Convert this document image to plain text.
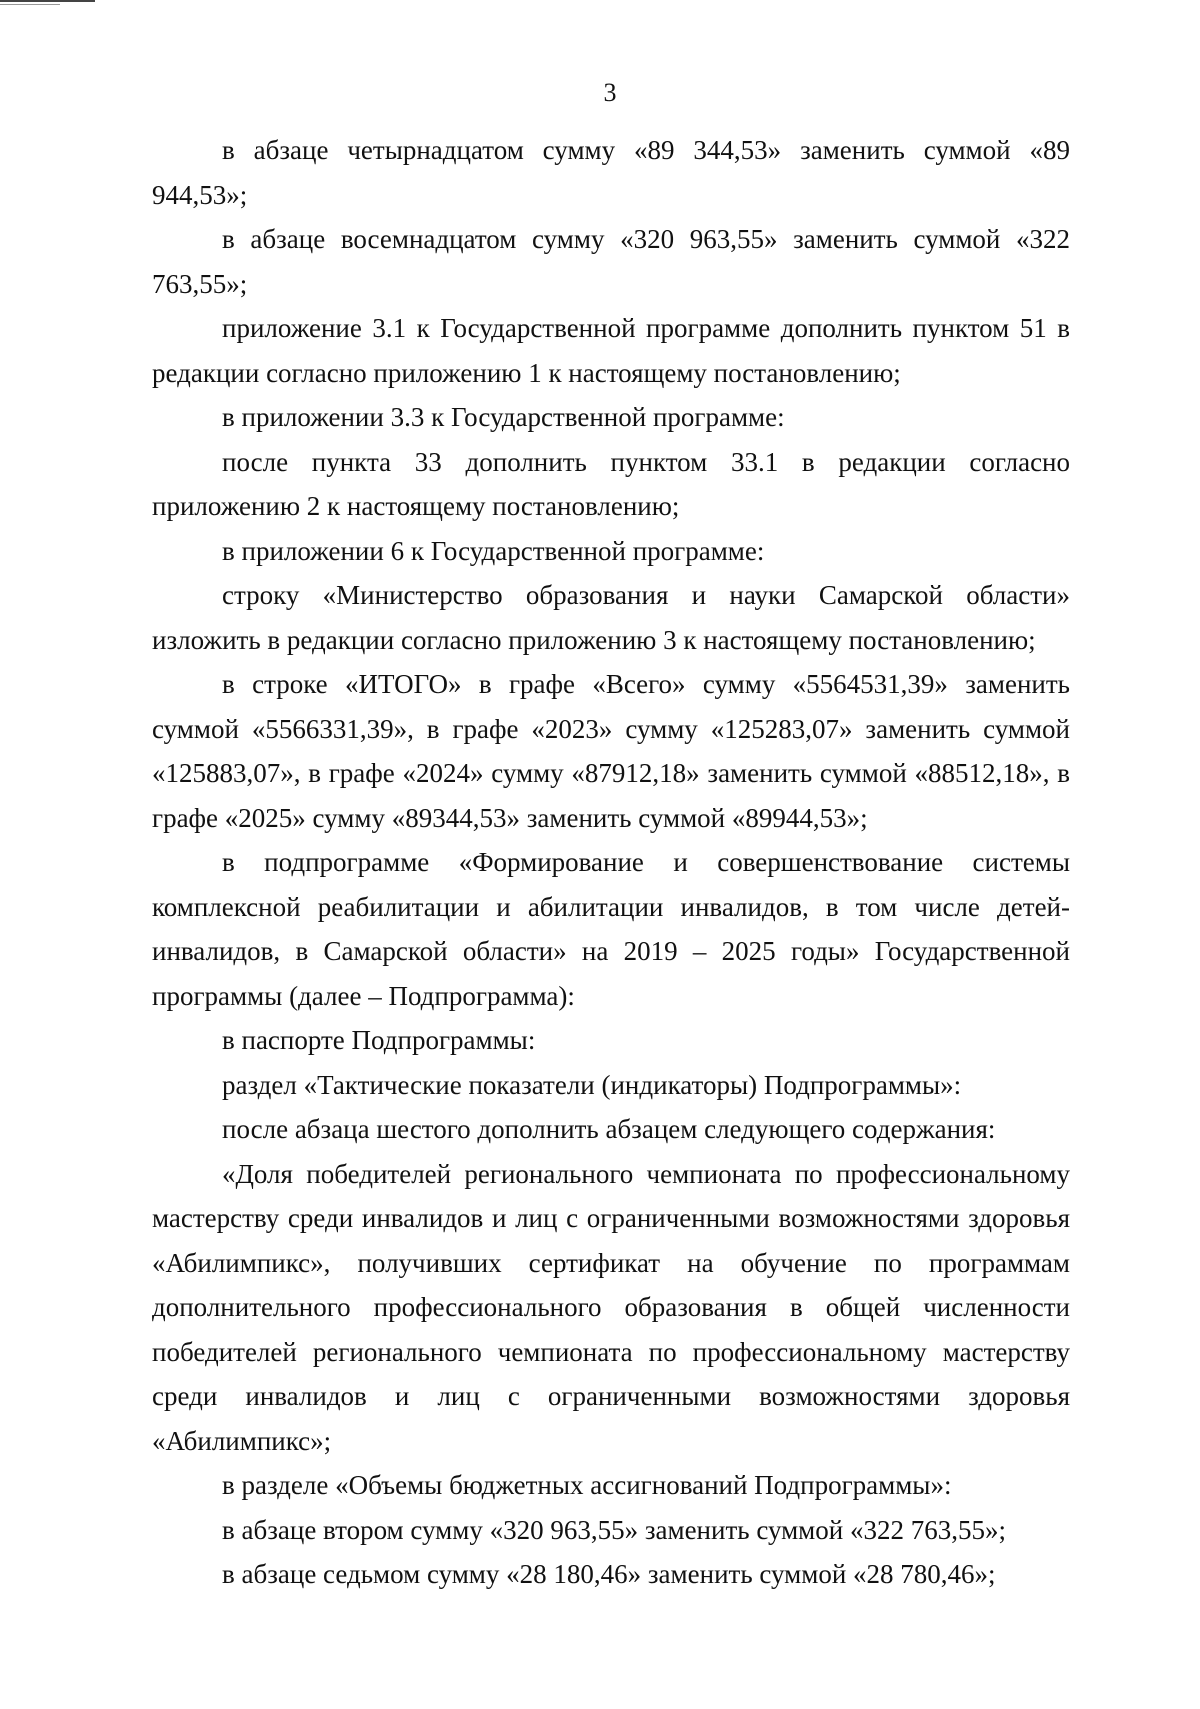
3

в абзаце четырнадцатом сумму «89 344,53» заменить суммой «89 944,53»;

в абзаце восемнадцатом сумму «320 963,55» заменить суммой «322 763,55»;

приложение 3.1 к Государственной программе дополнить пунктом 51 в редакции согласно приложению 1 к настоящему постановлению;

в приложении 3.3 к Государственной программе:

после пункта 33 дополнить пунктом 33.1 в редакции согласно приложению 2 к настоящему постановлению;

в приложении 6 к Государственной программе:

строку «Министерство образования и науки Самарской области» изложить в редакции согласно приложению 3 к настоящему постановлению;

в строке «ИТОГО» в графе «Всего» сумму «5564531,39» заменить суммой «5566331,39», в графе «2023» сумму «125283,07» заменить суммой «125883,07», в графе «2024» сумму «87912,18» заменить суммой «88512,18», в графе «2025» сумму «89344,53» заменить суммой «89944,53»;

в подпрограмме «Формирование и совершенствование системы комплексной реабилитации и абилитации инвалидов, в том числе детей-инвалидов, в Самарской области» на 2019 – 2025 годы» Государственной программы (далее – Подпрограмма):

в паспорте Подпрограммы:

раздел «Тактические показатели (индикаторы) Подпрограммы»:

после абзаца шестого дополнить абзацем следующего содержания:

«Доля победителей регионального чемпионата по профессиональному мастерству среди инвалидов и лиц с ограниченными возможностями здоровья «Абилимпикс», получивших сертификат на обучение по программам дополнительного профессионального образования в общей численности победителей регионального чемпионата по профессиональному мастерству среди инвалидов и лиц с ограниченными возможностями здоровья «Абилимпикс»;

в разделе «Объемы бюджетных ассигнований Подпрограммы»:

в абзаце втором сумму «320 963,55» заменить суммой «322 763,55»;

в абзаце седьмом сумму «28 180,46» заменить суммой «28 780,46»;
